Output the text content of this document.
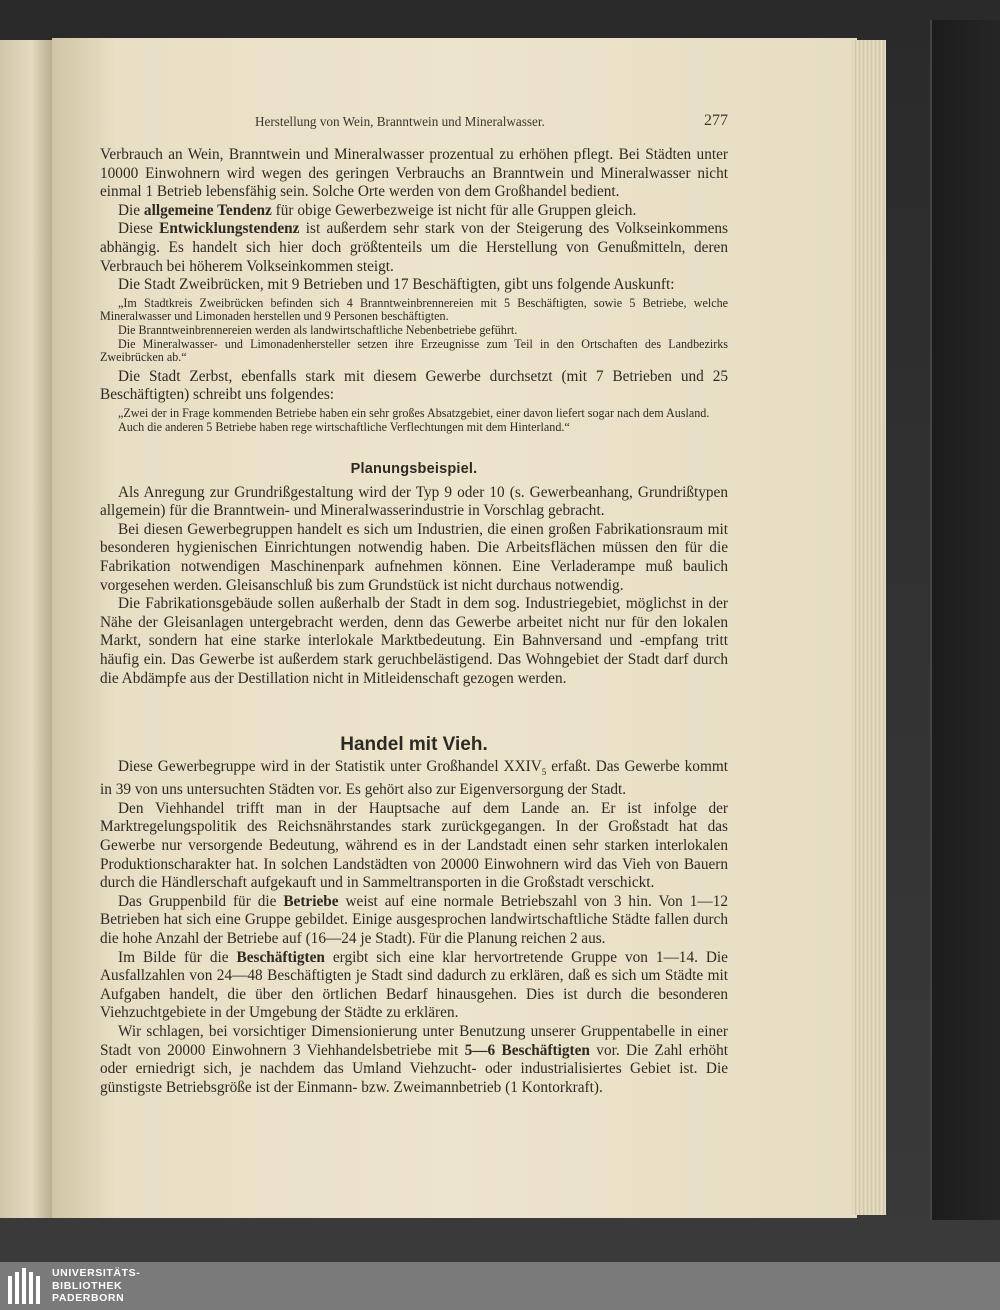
Herstellung von Wein, Branntwein und Mineralwasser.	277

Verbrauch an Wein, Branntwein und Mineralwasser prozentual zu erhöhen pflegt. Bei Städten unter 10000 Einwohnern wird wegen des geringen Verbrauchs an Branntwein und Mineralwasser nicht einmal 1 Betrieb lebensfähig sein. Solche Orte werden von dem Großhandel bedient.

Die allgemeine Tendenz für obige Gewerbezweige ist nicht für alle Gruppen gleich.

Diese Entwicklungstendenz ist außerdem sehr stark von der Steigerung des Volkseinkommens abhängig. Es handelt sich hier doch größtenteils um die Herstellung von Genußmitteln, deren Verbrauch bei höherem Volkseinkommen steigt.

Die Stadt Zweibrücken, mit 9 Betrieben und 17 Beschäftigten, gibt uns folgende Auskunft:

„Im Stadtkreis Zweibrücken befinden sich 4 Branntweinbrennereien mit 5 Beschäftigten, sowie 5 Betriebe, welche Mineralwasser und Limonaden herstellen und 9 Personen beschäftigten.

Die Branntweinbrennereien werden als landwirtschaftliche Nebenbetriebe geführt.

Die Mineralwasser- und Limonadenhersteller setzen ihre Erzeugnisse zum Teil in den Ortschaften des Landbezirks Zweibrücken ab.“

Die Stadt Zerbst, ebenfalls stark mit diesem Gewerbe durchsetzt (mit 7 Betrieben und 25 Beschäftigten) schreibt uns folgendes:

„Zwei der in Frage kommenden Betriebe haben ein sehr großes Absatzgebiet, einer davon liefert sogar nach dem Ausland.

Auch die anderen 5 Betriebe haben rege wirtschaftliche Verflechtungen mit dem Hinterland.“

Planungsbeispiel.

Als Anregung zur Grundrißgestaltung wird der Typ 9 oder 10 (s. Gewerbeanhang, Grundrißtypen allgemein) für die Branntwein- und Mineralwasserindustrie in Vorschlag gebracht.

Bei diesen Gewerbegruppen handelt es sich um Industrien, die einen großen Fabrikationsraum mit besonderen hygienischen Einrichtungen notwendig haben. Die Arbeitsflächen müssen den für die Fabrikation notwendigen Maschinenpark aufnehmen können. Eine Verladerampe muß baulich vorgesehen werden. Gleisanschluß bis zum Grundstück ist nicht durchaus notwendig.

Die Fabrikationsgebäude sollen außerhalb der Stadt in dem sog. Industriegebiet, möglichst in der Nähe der Gleisanlagen untergebracht werden, denn das Gewerbe arbeitet nicht nur für den lokalen Markt, sondern hat eine starke interlokale Marktbedeutung. Ein Bahnversand und -empfang tritt häufig ein. Das Gewerbe ist außerdem stark geruchbelästigend. Das Wohngebiet der Stadt darf durch die Abdämpfe aus der Destillation nicht in Mitleidenschaft gezogen werden.

Handel mit Vieh.

Diese Gewerbegruppe wird in der Statistik unter Großhandel $XXIV_5$ erfaßt. Das Gewerbe kommt in 39 von uns untersuchten Städten vor. Es gehört also zur Eigenversorgung der Stadt.

Den Viehhandel trifft man in der Hauptsache auf dem Lande an. Er ist infolge der Marktregelungspolitik des Reichsnährstandes stark zurückgegangen. In der Großstadt hat das Gewerbe nur versorgende Bedeutung, während es in der Landstadt einen sehr starken interlokalen Produktionscharakter hat. In solchen Landstädten von 20000 Einwohnern wird das Vieh von Bauern durch die Händlerschaft aufgekauft und in Sammeltransporten in die Großstadt verschickt.

Das Gruppenbild für die Betriebe weist auf eine normale Betriebszahl von 3 hin. Von 1—12 Betrieben hat sich eine Gruppe gebildet. Einige ausgesprochen landwirtschaftliche Städte fallen durch die hohe Anzahl der Betriebe auf (16—24 je Stadt). Für die Planung reichen 2 aus.

Im Bilde für die Beschäftigten ergibt sich eine klar hervortretende Gruppe von 1—14. Die Ausfallzahlen von 24—48 Beschäftigten je Stadt sind dadurch zu erklären, daß es sich um Städte mit Aufgaben handelt, die über den örtlichen Bedarf hinausgehen. Dies ist durch die besonderen Viehzuchtgebiete in der Umgebung der Städte zu erklären.

Wir schlagen, bei vorsichtiger Dimensionierung unter Benutzung unserer Gruppentabelle in einer Stadt von 20000 Einwohnern 3 Viehhandelsbetriebe mit 5—6 Beschäftigten vor. Die Zahl erhöht oder erniedrigt sich, je nachdem das Umland Viehzucht- oder industrialisiertes Gebiet ist. Die günstigste Betriebsgröße ist der Einmann- bzw. Zweimannbetrieb (1 Kontorkraft).

UNIVERSITÄTS-
BIBLIOTHEK
PADERBORN
